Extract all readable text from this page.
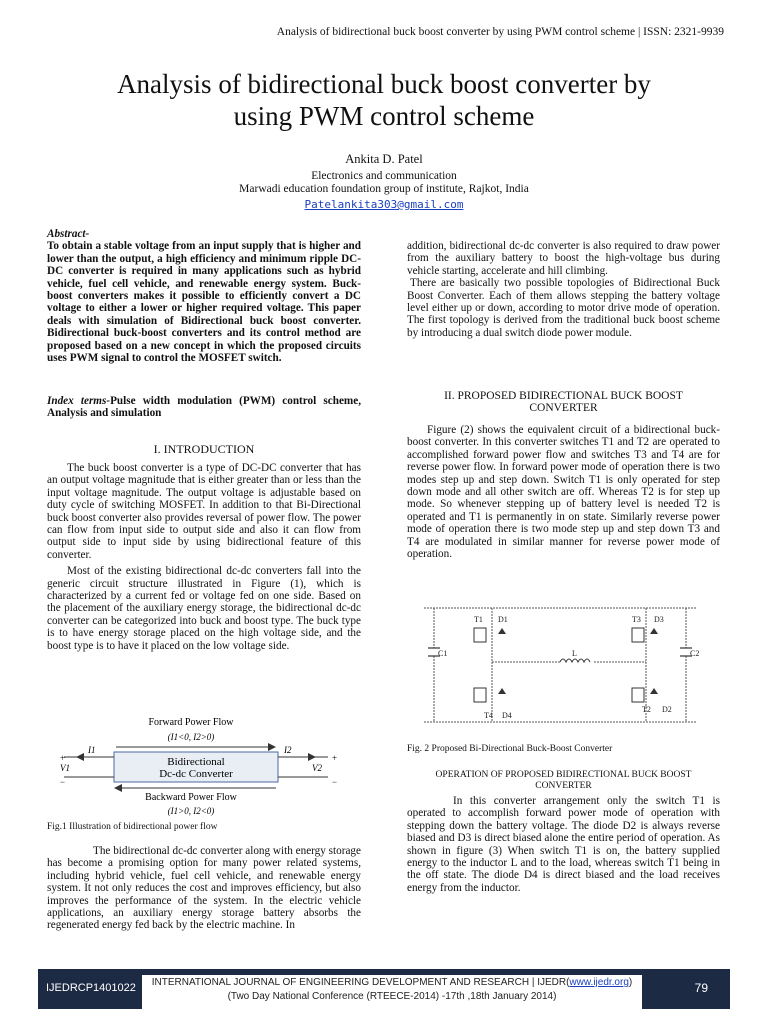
Analysis of bidirectional buck boost converter by using PWM control scheme | ISSN: 2321-9939
Analysis of bidirectional buck boost converter by
using PWM control scheme
Ankita D. Patel
Electronics and communication
Marwadi education foundation group of institute, Rajkot, India
Patelankita303@gmail.com

Abstract-

To obtain a stable voltage from an input supply that is higher and lower than the output, a high efficiency and minimum ripple DC-DC converter is required in many applications such as hybrid vehicle, fuel cell vehicle, and renewable energy system. Buck-boost converters makes it possible to efficiently convert a DC voltage to either a lower or higher required voltage. This paper deals with simulation of Bidirectional buck boost converter. Bidirectional buck-boost converters and its control method are proposed based on a new concept in which the proposed circuits uses PWM signal to control the MOSFET switch.

Index terms-Pulse width modulation (PWM) control scheme, Analysis and simulation

I. INTRODUCTION

The buck boost converter is a type of DC-DC converter that has an output voltage magnitude that is either greater than or less than the input voltage magnitude. The output voltage is adjustable based on duty cycle of switching MOSFET. In addition to that Bi-Directional buck boost converter also provides reversal of power flow. The power can flow from input side to output side and also it can flow from output side to input side by using bidirectional feature of this converter.

Most of the existing bidirectional dc-dc converters fall into the generic circuit structure illustrated in Figure (1), which is characterized by a current fed or voltage fed on one side. Based on the placement of the auxiliary energy storage, the bidirectional dc-dc converter can be categorized into buck and boost type. The buck type is to have energy storage placed on the high voltage side, and the boost type is to have it placed on the low voltage side.

Forward Power Flow
(I1<0, I2>0)
Bidirectional
Dc-dc Converter
I1	I2
V1	V2
+
−
+
−
Backward Power Flow
(I1>0, I2<0)
Fig.1 Illustration of bidirectional power flow

The bidirectional dc-dc converter along with energy storage has become a promising option for many power related systems, including hybrid vehicle, fuel cell vehicle, and renewable energy system. It not only reduces the cost and improves efficiency, but also improves the performance of the system. In the electric vehicle applications, an auxiliary energy storage battery absorbs the regenerated energy fed back by the electric machine. In

addition, bidirectional dc-dc converter is also required to draw power from the auxiliary battery to boost the high-voltage bus during vehicle starting, accelerate and hill climbing.

There are basically two possible topologies of Bidirectional Buck Boost Converter. Each of them allows stepping the battery voltage level either up or down, according to motor drive mode of operation. The first topology is derived from the traditional buck boost scheme by introducing a dual switch diode power module.

II. PROPOSED BIDIRECTIONAL BUCK BOOST
CONVERTER

Figure (2) shows the equivalent circuit of a bidirectional buck-boost converter. In this converter switches T1 and T2 are operated to accomplished forward power flow and switches T3 and T4 are for reverse power flow. In forward power mode of operation there is two modes step up and step down. Switch T1 is only operated for step down mode and all other switch are off. Whereas T2 is for step up mode. So whenever stepping up of battery level is needed T2 is operated and T1 is permanently in on state. Similarly reverse power mode of operation there is two mode step up and step down T3 and T4 are modulated in similar manner for reverse power mode of operation.

T1 D1	T3 D3
C1	L	C2
T4 D4
T2 D2
Fig. 2 Proposed Bi-Directional Buck-Boost Converter
OPERATION OF PROPOSED BIDIRECTIONAL BUCK BOOST
CONVERTER

In this converter arrangement only the switch T1 is operated to accomplish forward power mode of operation with stepping down the battery voltage. The diode D2 is always reverse biased and D3 is direct biased alone the entire period of operation. As shown in figure (3) When switch T1 is on, the battery supplied energy to the inductor L and to the load, whereas switch T1 being in the off state. The diode D4 is direct biased and the load receives energy from the inductor.

IJEDRCP1401022	INTERNATIONAL JOURNAL OF ENGINEERING DEVELOPMENT AND RESEARCH | IJEDR(www.ijedr.org)
(Two Day National Conference (RTEECE-2014) -17th ,18th January 2014)
79
